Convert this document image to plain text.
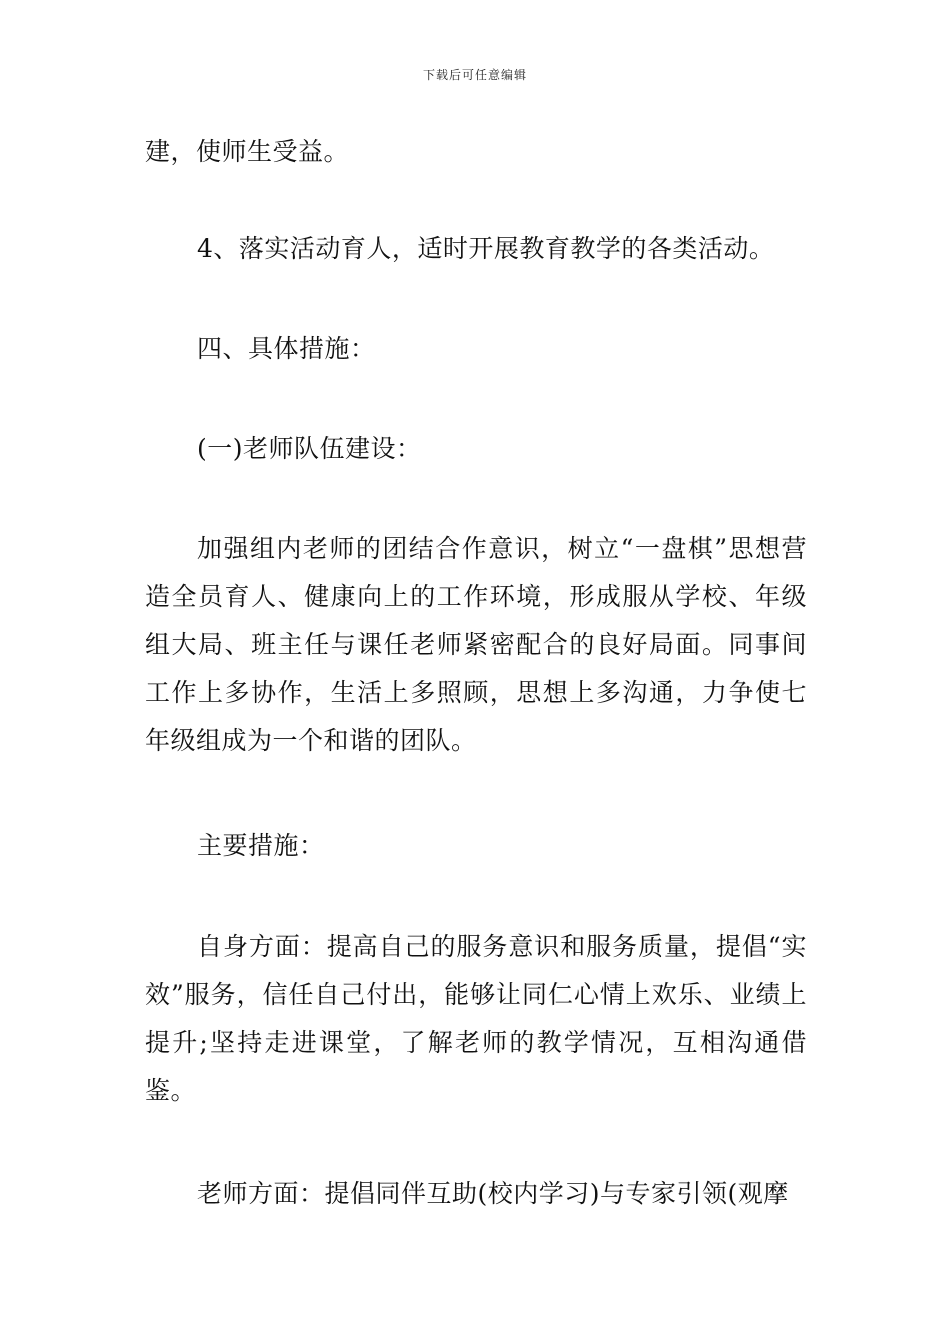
下载后可任意编辑

建，使师生受益。

4、落实活动育人，适时开展教育教学的各类活动。

四、具体措施：

(一)老师队伍建设：

加强组内老师的团结合作意识，树立“一盘棋”思想营造全员育人、健康向上的工作环境，形成服从学校、年级组大局、班主任与课任老师紧密配合的良好局面。同事间工作上多协作，生活上多照顾，思想上多沟通，力争使七年级组成为一个和谐的团队。

主要措施：

自身方面：提高自己的服务意识和服务质量，提倡“实效”服务，信任自己付出，能够让同仁心情上欢乐、业绩上提升;坚持走进课堂，了解老师的教学情况，互相沟通借鉴。

老师方面：提倡同伴互助(校内学习)与专家引领(观摩
